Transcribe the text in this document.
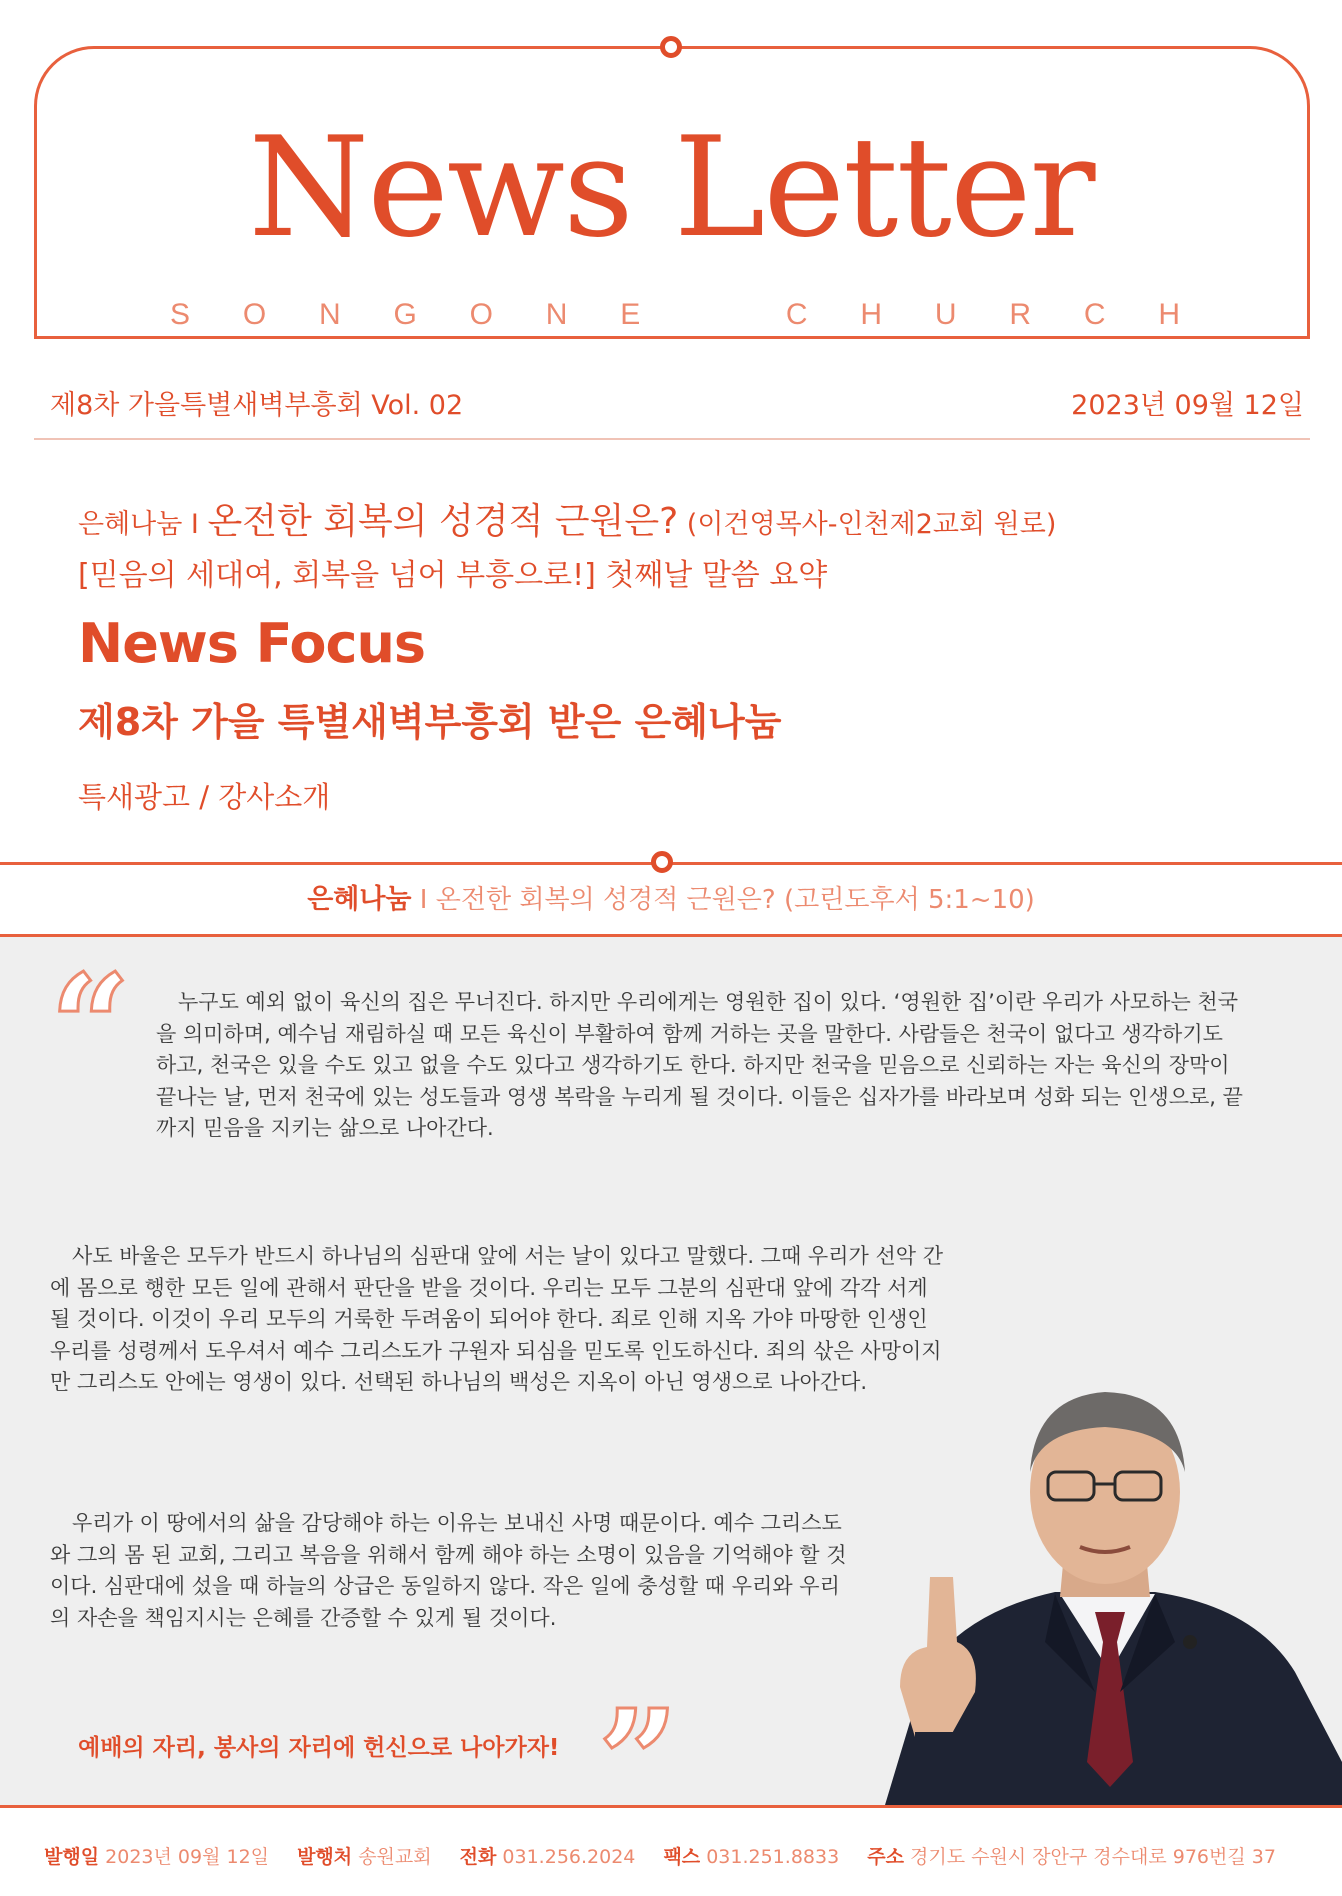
News Letter
S O N G O N E	C H U R C H
제8차 가을특별새벽부흥회 Vol. 02	2023년 09월 12일
은혜나눔 I 온전한 회복의 성경적 근원은? (이건영목사-인천제2교회 원로)
[믿음의 세대여, 회복을 넘어 부흥으로!] 첫째날 말씀 요약
News Focus
제8차 가을 특별새벽부흥회 받은 은혜나눔
특새광고 / 강사소개
은혜나눔 I 온전한 회복의 성경적 근원은? (고린도후서 5:1~10)
“	누구도 예외 없이 육신의 집은 무너진다. 하지만 우리에게는 영원한 집이 있다. ‘영원한 집’이란 우리가 사모하는 천국을 의미하며, 예수님 재림하실 때 모든 육신이 부활하여 함께 거하는 곳을 말한다. 사람들은 천국이 없다고 생각하기도 하고, 천국은 있을 수도 있고 없을 수도 있다고 생각하기도 한다. 하지만 천국을 믿음으로 신뢰하는 자는 육신의 장막이 끝나는 날, 먼저 천국에 있는 성도들과 영생 복락을 누리게 될 것이다. 이들은 십자가를 바라보며 성화 되는 인생으로, 끝까지 믿음을 지키는 삶으로 나아간다.

사도 바울은 모두가 반드시 하나님의 심판대 앞에 서는 날이 있다고 말했다. 그때 우리가 선악 간에 몸으로 행한 모든 일에 관해서 판단을 받을 것이다. 우리는 모두 그분의 심판대 앞에 각각 서게 될 것이다. 이것이 우리 모두의 거룩한 두려움이 되어야 한다. 죄로 인해 지옥 가야 마땅한 인생인 우리를 성령께서 도우셔서 예수 그리스도가 구원자 되심을 믿도록 인도하신다. 죄의 삯은 사망이지만 그리스도 안에는 영생이 있다. 선택된 하나님의 백성은 지옥이 아닌 영생으로 나아간다.

우리가 이 땅에서의 삶을 감당해야 하는 이유는 보내신 사명 때문이다. 예수 그리스도와 그의 몸 된 교회, 그리고 복음을 위해서 함께 해야 하는 소명이 있음을 기억해야 할 것이다. 심판대에 섰을 때 하늘의 상급은 동일하지 않다. 작은 일에 충성할 때 우리와 우리의 자손을 책임지시는 은혜를 간증할 수 있게 될 것이다.

예배의 자리, 봉사의 자리에 헌신으로 나아가자! ”
발행일 2023년 09월 12일 발행처 송원교회 전화 031.256.2024 팩스 031.251.8833 주소 경기도 수원시 장안구 경수대로 976번길 37
